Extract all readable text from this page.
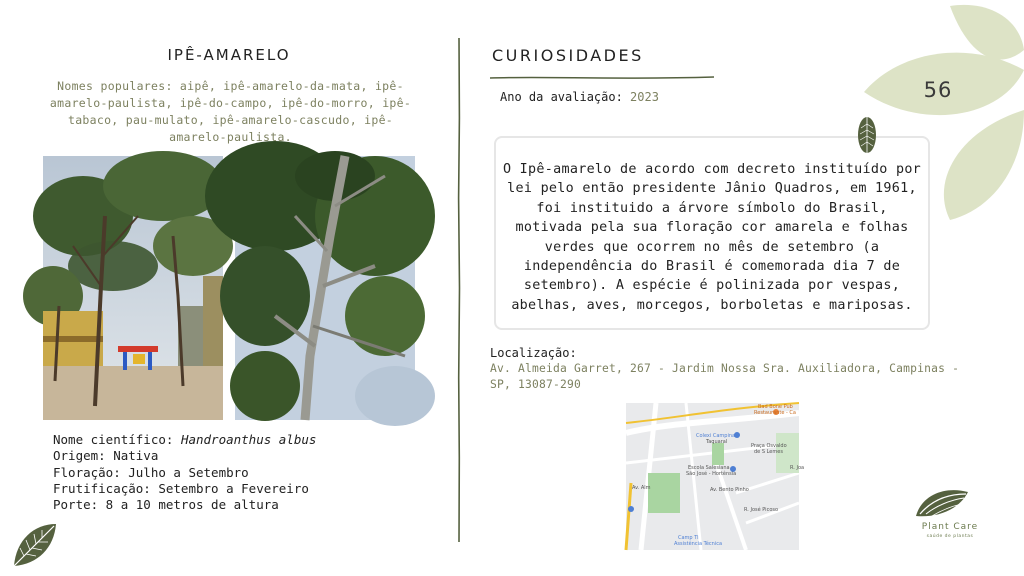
IPÊ-AMARELO
Nomes populares: aipê, ipê-amarelo-da-mata, ipê-amarelo-paulista, ipê-do-campo, ipê-do-morro, ipê-tabaco, pau-mulato, ipê-amarelo-cascudo, ipê-amarelo-paulista.
Nome científico: Handroanthus albus
Origem: Nativa
Floração: Julho a Setembro
Frutificação: Setembro a Fevereiro
Porte: 8 a 10 metros de altura
CURIOSIDADES
Ano da avaliação: 2023
O Ipê-amarelo de acordo com decreto instituído por lei pelo então presidente Jânio Quadros, em 1961, foi instituido a árvore símbolo do Brasil, motivada pela sua floração cor amarela e folhas verdes que ocorrem no mês de setembro (a independência do Brasil é comemorada dia 7 de setembro). A espécie é polinizada por vespas, abelhas, aves, morcegos, borboletas e mariposas.
Localização:
Av. Almeida Garret, 267 - Jardim Nossa Sra. Auxiliadora, Campinas - SP, 13087-290
Bad Bone Pub
Restaurante - Ca
Colexi Campinas
Taquaral
Praça Osvaldo
de S Lemes
Escola Salesiana
São José - Hortênsia
Av. Alm
R. Joa
R. José Picoso
Av. Bento Pinho
Camp Ti
Assistência Técnica
56
Plant Care
saúde de plantas
